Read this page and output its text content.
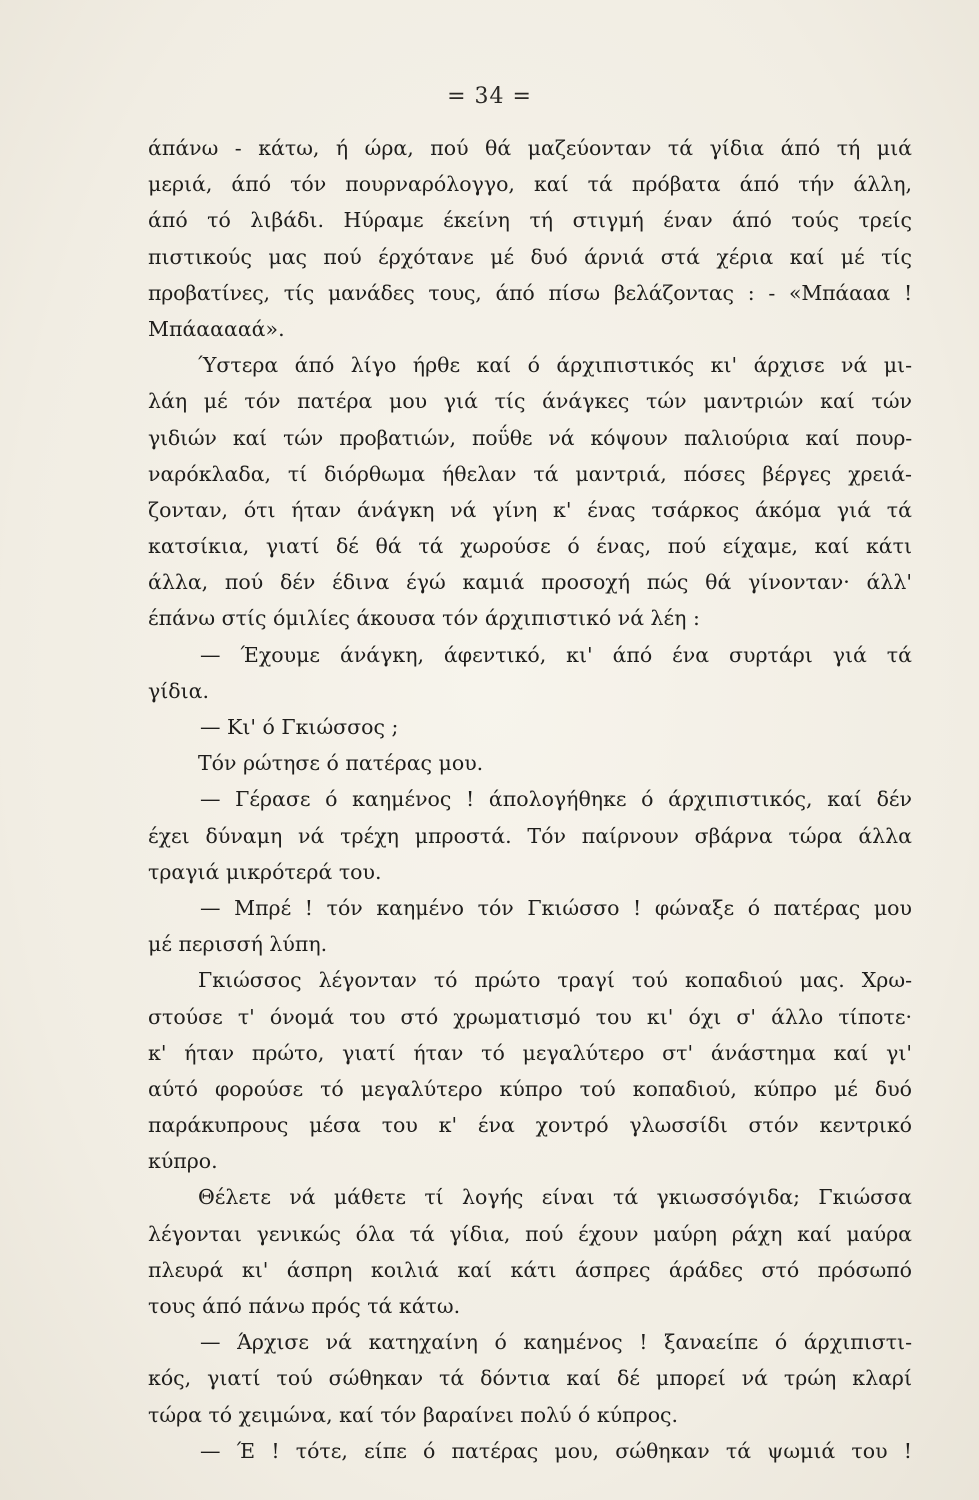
= 34 =
άπάνω - κάτω, ή ώρα, πού θά μαζεύονταν τά γίδια άπό τή μιά
μεριά, άπό τόν πουρναρόλογγο, καί τά πρόβατα άπό τήν άλλη,
άπό τό λιβάδι. Ηύραμε έκείνη τή στιγμή έναν άπό τούς τρείς
πιστικούς μας πού έρχότανε μέ δυό άρνιά στά χέρια καί μέ τίς
προβατίνες, τίς μανάδες τους, άπό πίσω βελάζοντας : - «Μπάααα !
Μπάααααά».
Ύστερα άπό λίγο ήρθε καί ό άρχιπιστικός κι' άρχισε νά μι-
λάη μέ τόν πατέρα μου γιά τίς άνάγκες τών μαντριών καί τών
γιδιών καί τών προβατιών, ποΰθε νά κόψουν παλιούρια καί πουρ-
ναρόκλαδα, τί διόρθωμα ήθελαν τά μαντριά, πόσες βέργες χρειά-
ζονταν, ότι ήταν άνάγκη νά γίνη κ' ένας τσάρκος άκόμα γιά τά
κατσίκια, γιατί δέ θά τά χωρούσε ό ένας, πού είχαμε, καί κάτι
άλλα, πού δέν έδινα έγώ καμιά προσοχή πώς θά γίνονταν· άλλ'
έπάνω στίς όμιλίες άκουσα τόν άρχιπιστικό νά λέη :
— Έχουμε άνάγκη, άφεντικό, κι' άπό ένα συρτάρι γιά τά
γίδια.
— Κι' ό Γκιώσσος ;
Τόν ρώτησε ό πατέρας μου.
— Γέρασε ό καημένος ! άπολογήθηκε ό άρχιπιστικός, καί δέν
έχει δύναμη νά τρέχη μπροστά. Τόν παίρνουν σβάρνα τώρα άλλα
τραγιά μικρότερά του.
— Μπρέ ! τόν καημένο τόν Γκιώσσο ! φώναξε ό πατέρας μου
μέ περισσή λύπη.
Γκιώσσος λέγονταν τό πρώτο τραγί τού κοπαδιού μας. Χρω-
στούσε τ' όνομά του στό χρωματισμό του κι' όχι σ' άλλο τίποτε·
κ' ήταν πρώτο, γιατί ήταν τό μεγαλύτερο στ' άνάστημα καί γι'
αύτό φορούσε τό μεγαλύτερο κύπρο τού κοπαδιού, κύπρο μέ δυό
παράκυπρους μέσα του κ' ένα χοντρό γλωσσίδι στόν κεντρικό
κύπρο.
Θέλετε νά μάθετε τί λογής είναι τά γκιωσσόγιδα; Γκιώσσα
λέγονται γενικώς όλα τά γίδια, πού έχουν μαύρη ράχη καί μαύρα
πλευρά κι' άσπρη κοιλιά καί κάτι άσπρες άράδες στό πρόσωπό
τους άπό πάνω πρός τά κάτω.
— Άρχισε νά κατηχαίνη ό καημένος ! ξαναείπε ό άρχιπιστι-
κός, γιατί τού σώθηκαν τά δόντια καί δέ μπορεί νά τρώη κλαρί
τώρα τό χειμώνα, καί τόν βαραίνει πολύ ό κύπρος.
— Έ ! τότε, είπε ό πατέρας μου, σώθηκαν τά ψωμιά του !
